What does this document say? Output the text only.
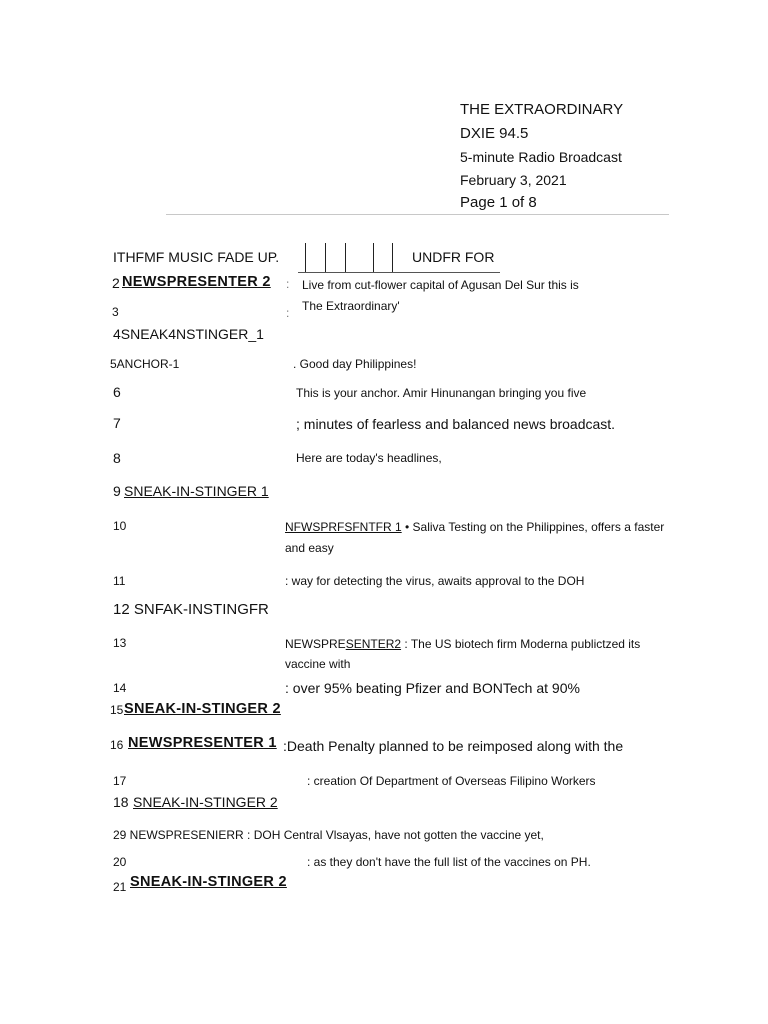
THE EXTRAORDINARY
DXIE 94.5
5-minute Radio Broadcast
February 3, 2021
Page 1 of 8
ITHFMF MUSIC FADE UP.	UNDFR FOR
2 NEWSPRESENTER 2 : Live from cut-flower capital of Agusan Del Sur this is
3	: The Extraordinary'
4SNEAK4NSTINGER_1
5ANCHOR-1	. Good day Philippines!
6	This is your anchor. Amir Hinunangan bringing you five
7	; minutes of fearless and balanced news broadcast.
8	Here are today's headlines,
9 SNEAK-IN-STINGER 1
10	NFWSPRFSFNTFR 1 • Saliva Testing on the Philippines, offers a faster and easy
11	: way for detecting the virus, awaits approval to the DOH
12 SNFAK-INSTINGFR
13	NEWSPRESENTER2 : The US biotech firm Moderna publictzed its vaccine with
14	: over 95% beating Pfizer and BONTech at 90%
15 SNEAK-IN-STINGER 2
16 NEWSPRESENTER 1 :Death Penalty planned to be reimposed along with the
17	: creation Of Department of Overseas Filipino Workers
18 SNEAK-IN-STINGER 2
29 NEWSPRESENIERR : DOH Central Vlsayas, have not gotten the vaccine yet,
20	: as they don't have the full list of the vaccines on PH.
21 SNEAK-IN-STINGER 2
